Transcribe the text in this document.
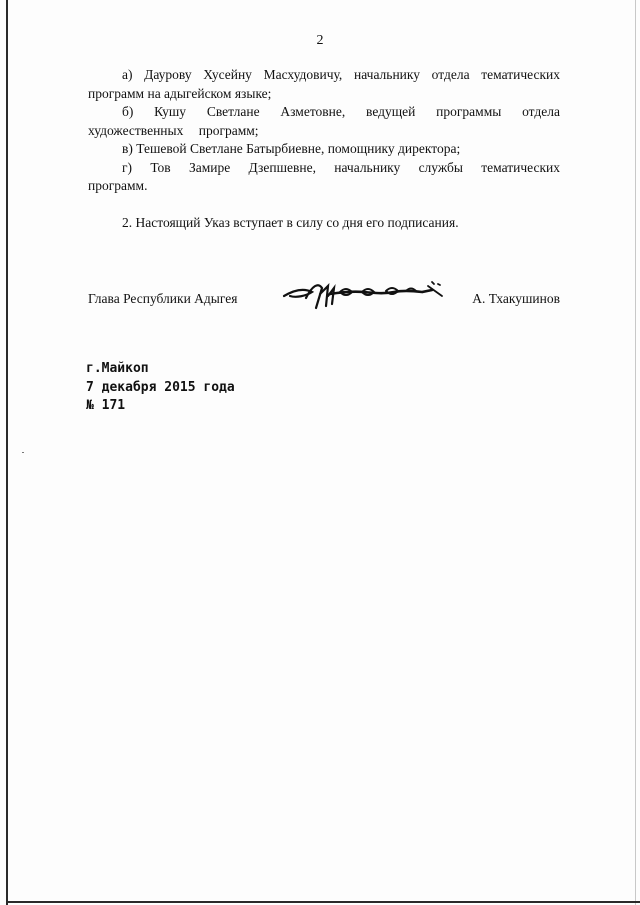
2

а) Даурову Хусейну Масхудовичу, начальнику отдела тематических программ на адыгейском языке;

б) Кушу Светлане Азметовне, ведущей программы отдела художественных программ;

в) Тешевой Светлане Батырбиевне, помощнику директора;

г) Тов Замире Дзепшевне, начальнику службы тематических программ.

2. Настоящий Указ вступает в силу со дня его подписания.

Глава Республики Адыгея	А. Тхакушинов
г.Майкоп
7 декабря 2015 года
№ 171
